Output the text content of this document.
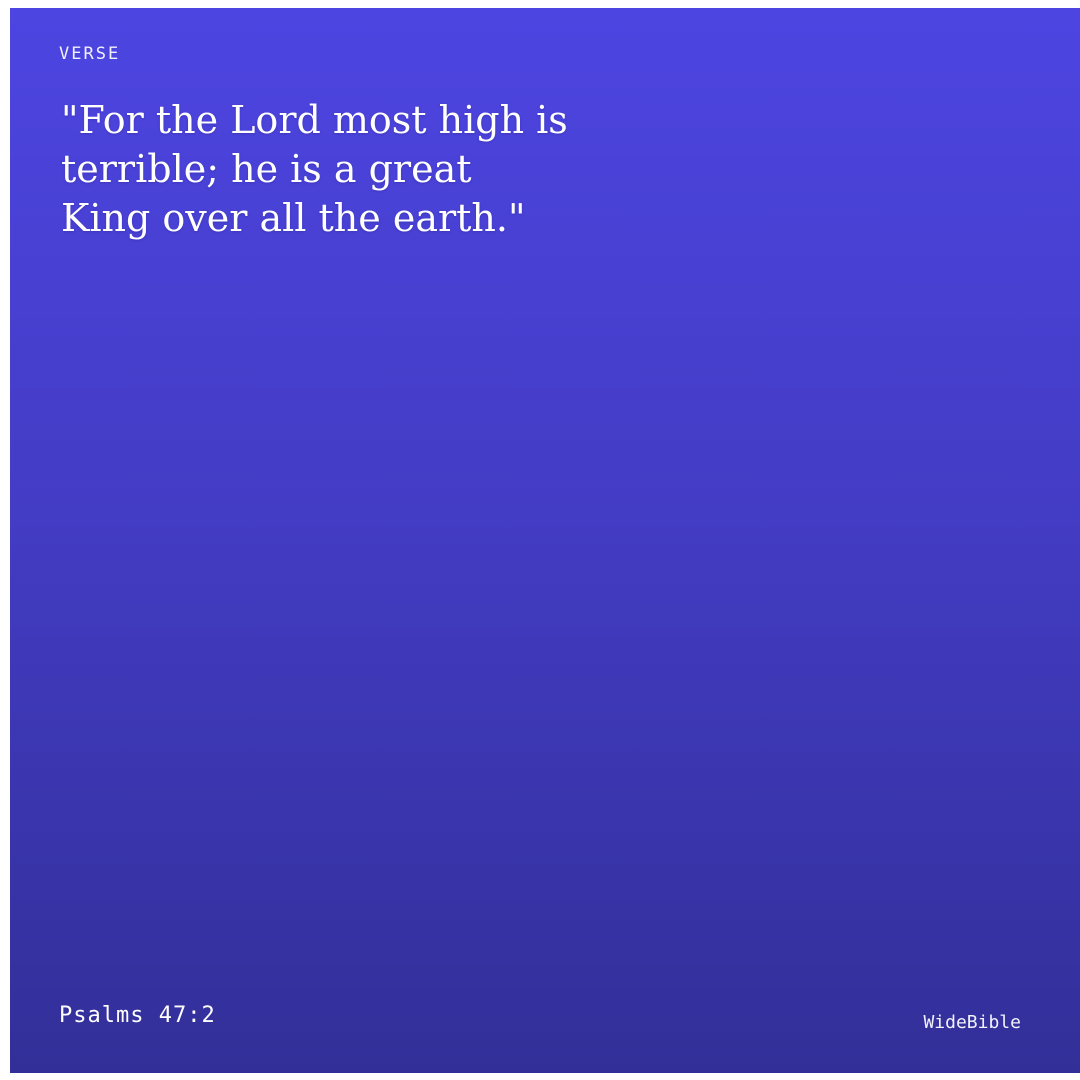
VERSE
"For the Lord most high is
terrible; he is a great
King over all the earth."
Psalms 47:2	WideBible
